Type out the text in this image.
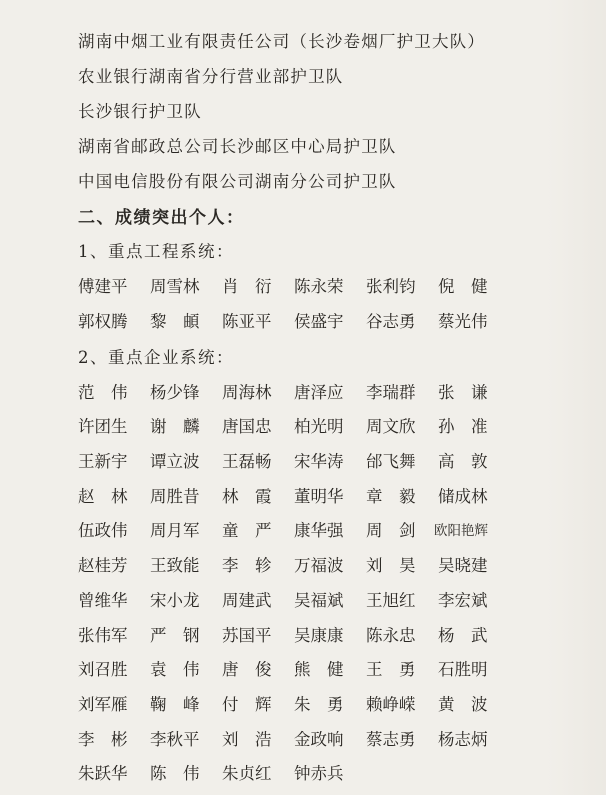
湖南中烟工业有限责任公司（长沙卷烟厂护卫大队）
农业银行湖南省分行营业部护卫队
长沙银行护卫队
湖南省邮政总公司长沙邮区中心局护卫队
中国电信股份有限公司湖南分公司护卫队
二、成绩突出个人：
1、重点工程系统：
傅建平 周雪林 肖　衍 陈永荣 张利钧 倪　健
郭权腾 黎　頔 陈亚平 侯盛宇 谷志勇 蔡光伟
2、重点企业系统：
范　伟 杨少锋 周海林 唐泽应 李瑞群 张　谦
许团生 谢　麟 唐国忠 柏光明 周文欣 孙　准
王新宇 谭立波 王磊畅 宋华涛 邰飞舞 高　敦
赵　林 周胜昔 林　霞 董明华 章　毅 储成林
伍政伟 周月军 童　严 康华强 周　剑 欧阳艳辉
赵桂芳 王致能 李　轸 万福波 刘　昊 吴晓建
曾维华 宋小龙 周建武 吴福斌 王旭红 李宏斌
张伟军 严　钢 苏国平 吴康康 陈永忠 杨　武
刘召胜 袁　伟 唐　俊 熊　健 王　勇 石胜明
刘军雁 鞠　峰 付　辉 朱　勇 赖峥嵘 黄　波
李　彬 李秋平 刘　浩 金政响 蔡志勇 杨志炳
朱跃华 陈　伟 朱贞红 钟赤兵
